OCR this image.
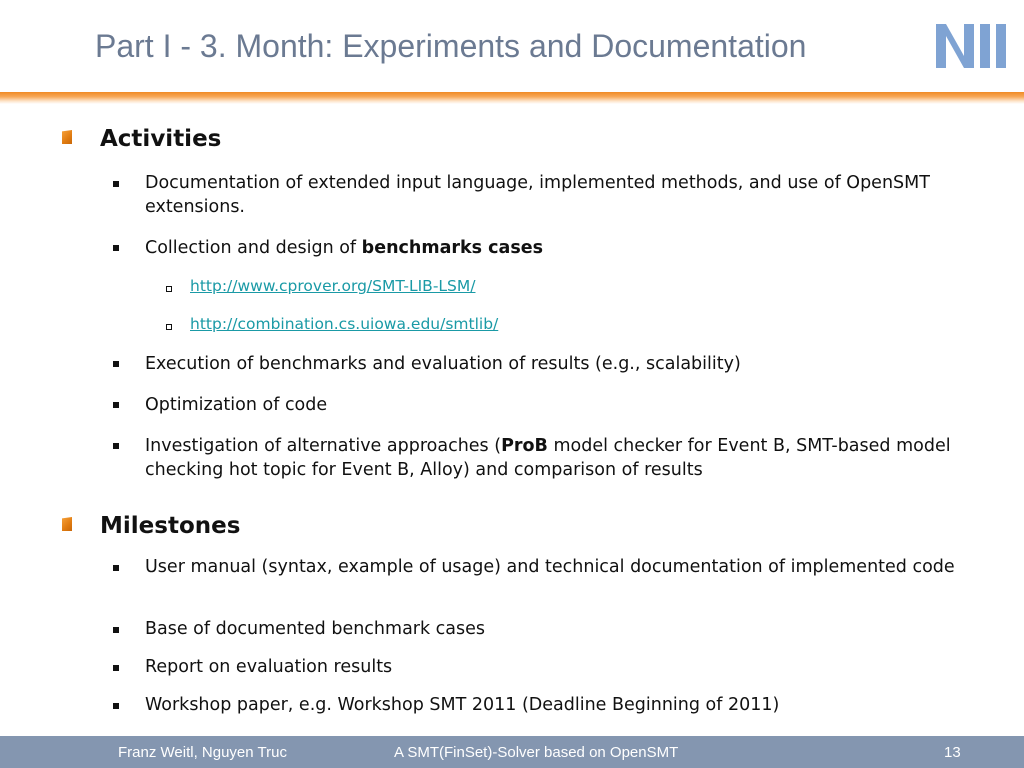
Part I - 3. Month: Experiments and Documentation
Activities
Documentation of extended input language, implemented methods, and use of OpenSMT extensions.
Collection and design of benchmarks cases
http://www.cprover.org/SMT-LIB-LSM/
http://combination.cs.uiowa.edu/smtlib/
Execution of benchmarks and evaluation of results (e.g., scalability)
Optimization of code
Investigation of alternative approaches (ProB model checker for Event B, SMT-based model checking hot topic for Event B, Alloy) and comparison of results
Milestones
User manual (syntax, example of usage) and technical documentation of implemented code
Base of documented benchmark cases
Report on evaluation results
Workshop paper, e.g. Workshop SMT 2011 (Deadline Beginning of 2011)
Franz Weitl, Nguyen Truc	A SMT(FinSet)-Solver based on OpenSMT	13
